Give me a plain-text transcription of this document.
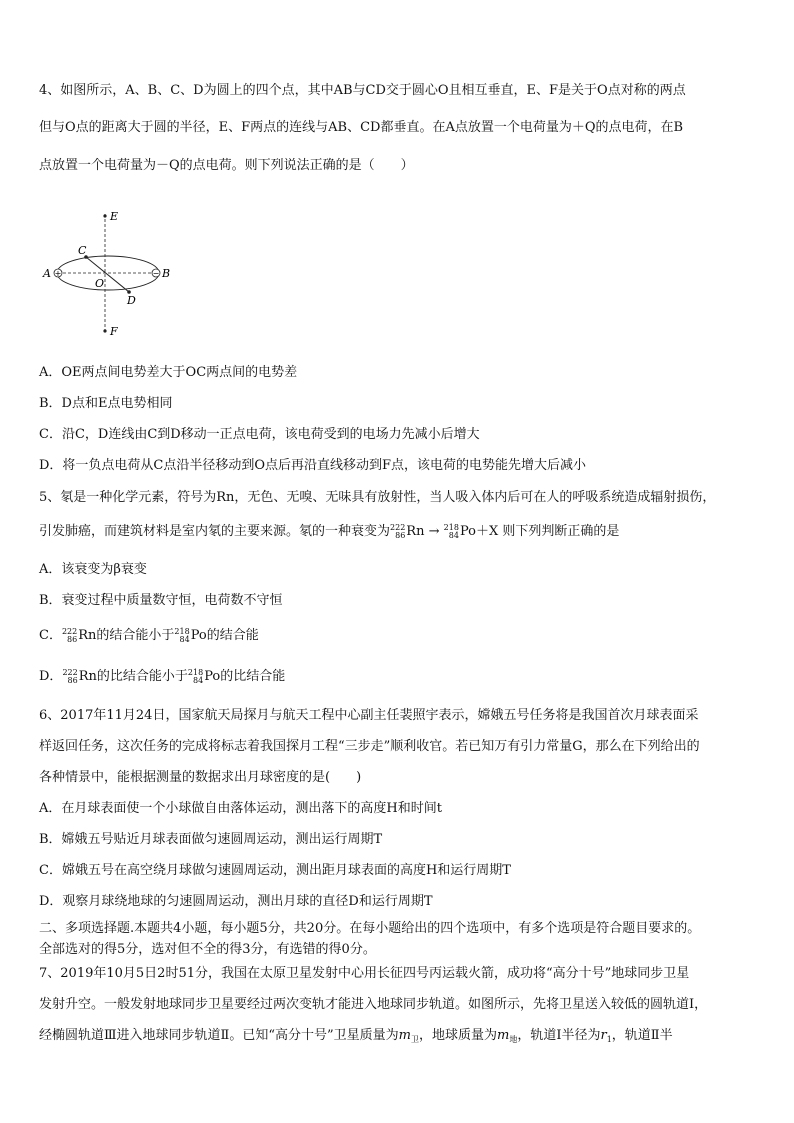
4、如图所示，A、B、C、D为圆上的四个点，其中AB与CD交于圆心O且相互垂直，E、F是关于O点对称的两点
但与O点的距离大于圆的半径，E、F两点的连线与AB、CD都垂直。在A点放置一个电荷量为＋Q的点电荷，在B
点放置一个电荷量为－Q的点电荷。则下列说法正确的是（　　）
+	−
E
F
A	B
C
D
O
A．OE两点间电势差大于OC两点间的电势差
B．D点和E点电势相同
C．沿C，D连线由C到D移动一正点电荷，该电荷受到的电场力先减小后增大
D．将一负点电荷从C点沿半径移动到O点后再沿直线移动到F点，该电荷的电势能先增大后减小
5、氡是一种化学元素，符号为Rn，无色、无嗅、无味具有放射性，当人吸入体内后可在人的呼吸系统造成辐射损伤，
引发肺癌，而建筑材料是室内氡的主要来源。氡的一种衰变为 222
86 Rn → 218
84 Po＋X 则下列判断正确的是
A．该衰变为β衰变
B．衰变过程中质量数守恒，电荷数不守恒
C． 222
86 Rn的结合能小于 218
84 Po的结合能
D． 222
86 Rn的比结合能小于 218
84 Po的比结合能
6、2017年11月24日，国家航天局探月与航天工程中心副主任裴照宇表示，嫦娥五号任务将是我国首次月球表面采
样返回任务，这次任务的完成将标志着我国探月工程“三步走”顺利收官。若已知万有引力常量G，那么在下列给出的
各种情景中，能根据测量的数据求出月球密度的是(　　)
A．在月球表面使一个小球做自由落体运动，测出落下的高度H和时间t
B．嫦娥五号贴近月球表面做匀速圆周运动，测出运行周期T
C．嫦娥五号在高空绕月球做匀速圆周运动，测出距月球表面的高度H和运行周期T
D．观察月球绕地球的匀速圆周运动，测出月球的直径D和运行周期T
二、多项选择题.本题共4小题，每小题5分，共20分。在每小题给出的四个选项中，有多个选项是符合题目要求的。
全部选对的得5分，选对但不全的得3分，有选错的得0分。
7、2019年10月5日2时51分，我国在太原卫星发射中心用长征四号丙运载火箭，成功将“高分十号”地球同步卫星
发射升空。一般发射地球同步卫星要经过两次变轨才能进入地球同步轨道。如图所示，先将卫星送入较低的圆轨道Ⅰ，
经椭圆轨道Ⅲ进入地球同步轨道Ⅱ。已知“高分十号”卫星质量为$m_卫$，地球质量为$m_地$，轨道Ⅰ半径为$r_1$，轨道Ⅱ半
